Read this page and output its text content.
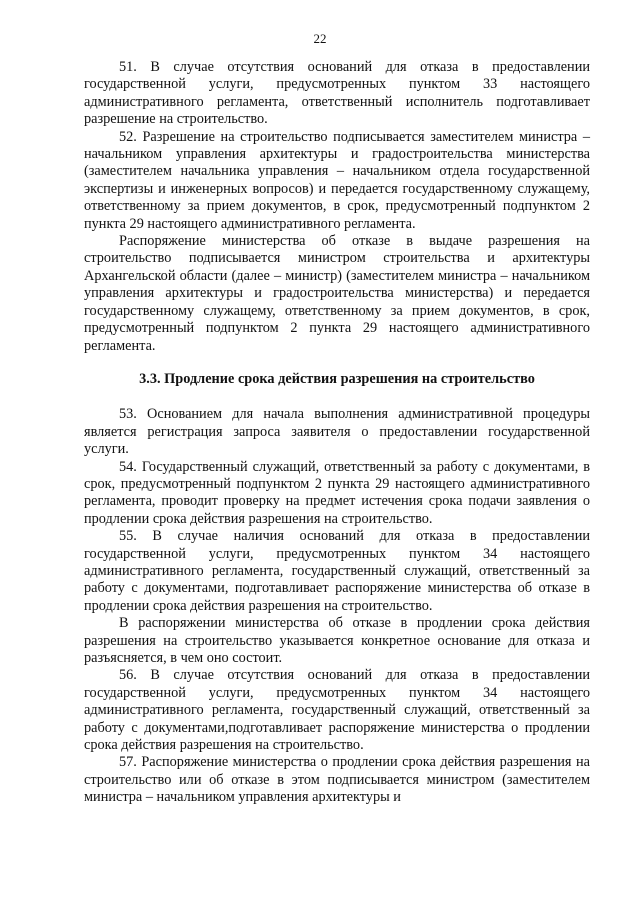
22

51. В случае отсутствия оснований для отказа в предоставлении государственной услуги, предусмотренных пунктом 33 настоящего административного регламента, ответственный исполнитель подготавливает разрешение на строительство.

52. Разрешение на строительство подписывается заместителем министра – начальником управления архитектуры и градостроительства министерства (заместителем начальника управления – начальником отдела государственной экспертизы и инженерных вопросов) и передается государственному служащему, ответственному за прием документов, в срок, предусмотренный подпунктом 2 пункта 29 настоящего административного регламента.

Распоряжение министерства об отказе в выдаче разрешения на строительство подписывается министром строительства и архитектуры Архангельской области (далее – министр) (заместителем министра – начальником управления архитектуры и градостроительства министерства) и передается государственному служащему, ответственному за прием документов, в срок, предусмотренный подпунктом 2 пункта 29 настоящего административного регламента.

3.3. Продление срока действия разрешения на строительство

53. Основанием для начала выполнения административной процедуры является регистрация запроса заявителя о предоставлении государственной услуги.

54. Государственный служащий, ответственный за работу с документами, в срок, предусмотренный подпунктом 2 пункта 29 настоящего административного регламента, проводит проверку на предмет истечения срока подачи заявления о продлении срока действия разрешения на строительство.

55. В случае наличия оснований для отказа в предоставлении государственной услуги, предусмотренных пунктом 34 настоящего административного регламента, государственный служащий, ответственный за работу с документами, подготавливает распоряжение министерства об отказе в продлении срока действия разрешения на строительство.

В распоряжении министерства об отказе в продлении срока действия разрешения на строительство указывается конкретное основание для отказа и разъясняется, в чем оно состоит.

56. В случае отсутствия оснований для отказа в предоставлении государственной услуги, предусмотренных пунктом 34 настоящего административного регламента, государственный служащий, ответственный за работу с документами,подготавливает распоряжение министерства о продлении срока действия разрешения на строительство.

57. Распоряжение министерства о продлении срока действия разрешения на строительство или об отказе в этом подписывается министром (заместителем министра – начальником управления архитектуры и
